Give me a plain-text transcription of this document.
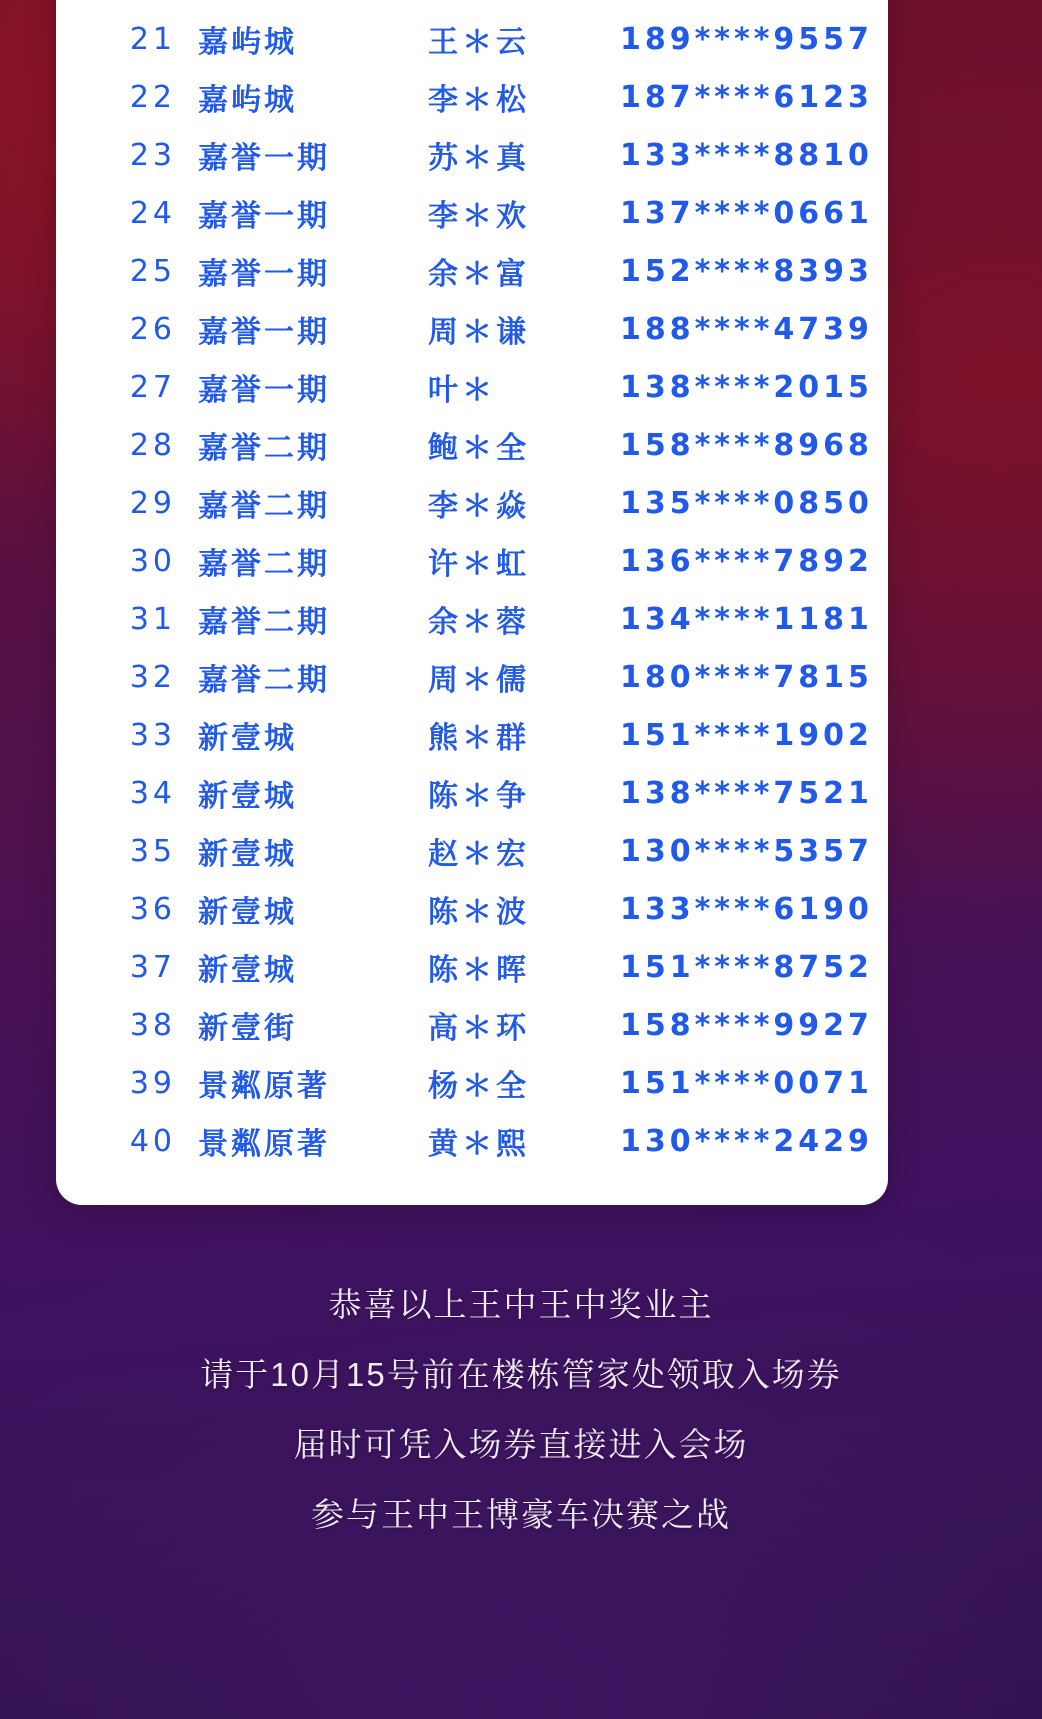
21 嘉屿城	王＊云	189****9557
22 嘉屿城	李＊松	187****6123
23 嘉誉一期	苏＊真	133****8810
24 嘉誉一期	李＊欢	137****0661
25 嘉誉一期	余＊富	152****8393
26 嘉誉一期	周＊谦	188****4739
27 嘉誉一期	叶＊	138****2015
28 嘉誉二期	鲍＊全	158****8968
29 嘉誉二期	李＊焱	135****0850
30 嘉誉二期	许＊虹	136****7892
31 嘉誉二期	余＊蓉	134****1181
32 嘉誉二期	周＊儒	180****7815
33 新壹城	熊＊群	151****1902
34 新壹城	陈＊争	138****7521
35 新壹城	赵＊宏	130****5357
36 新壹城	陈＊波	133****6190
37 新壹城	陈＊晖	151****8752
38 新壹街	高＊环	158****9927
39 景粼原著	杨＊全	151****0071
40 景粼原著	黄＊熙	130****2429

恭喜以上王中王中奖业主

请于10月15号前在楼栋管家处领取入场券

届时可凭入场券直接进入会场

参与王中王博豪车决赛之战
